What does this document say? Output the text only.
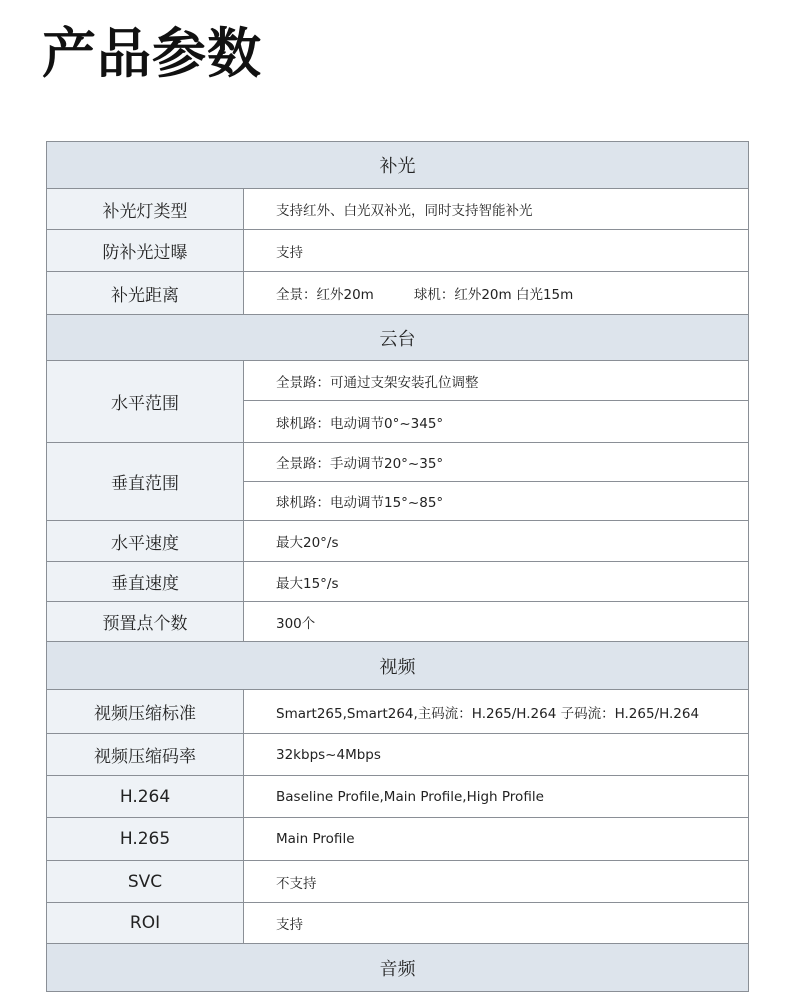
产品参数
补光	
补光灯类型	支持红外、白光双补光，同时支持智能补光
防补光过曝	支持
补光距离	全景：红外20m 球机：红外20m 白光15m
云台	
水平范围	全景路：可通过支架安装孔位调整
	球机路：电动调节0°~345°
垂直范围	全景路：手动调节20°~35°
	球机路：电动调节15°~85°
水平速度	最大20°/s
垂直速度	最大15°/s
预置点个数	300个
视频	
视频压缩标准	Smart265,Smart264,主码流：H.265/H.264 子码流：H.265/H.264
视频压缩码率	32kbps~4Mbps
H.264	Baseline Profile,Main Profile,High Profile
H.265	Main Profile
SVC	不支持
ROI	支持
音频	
